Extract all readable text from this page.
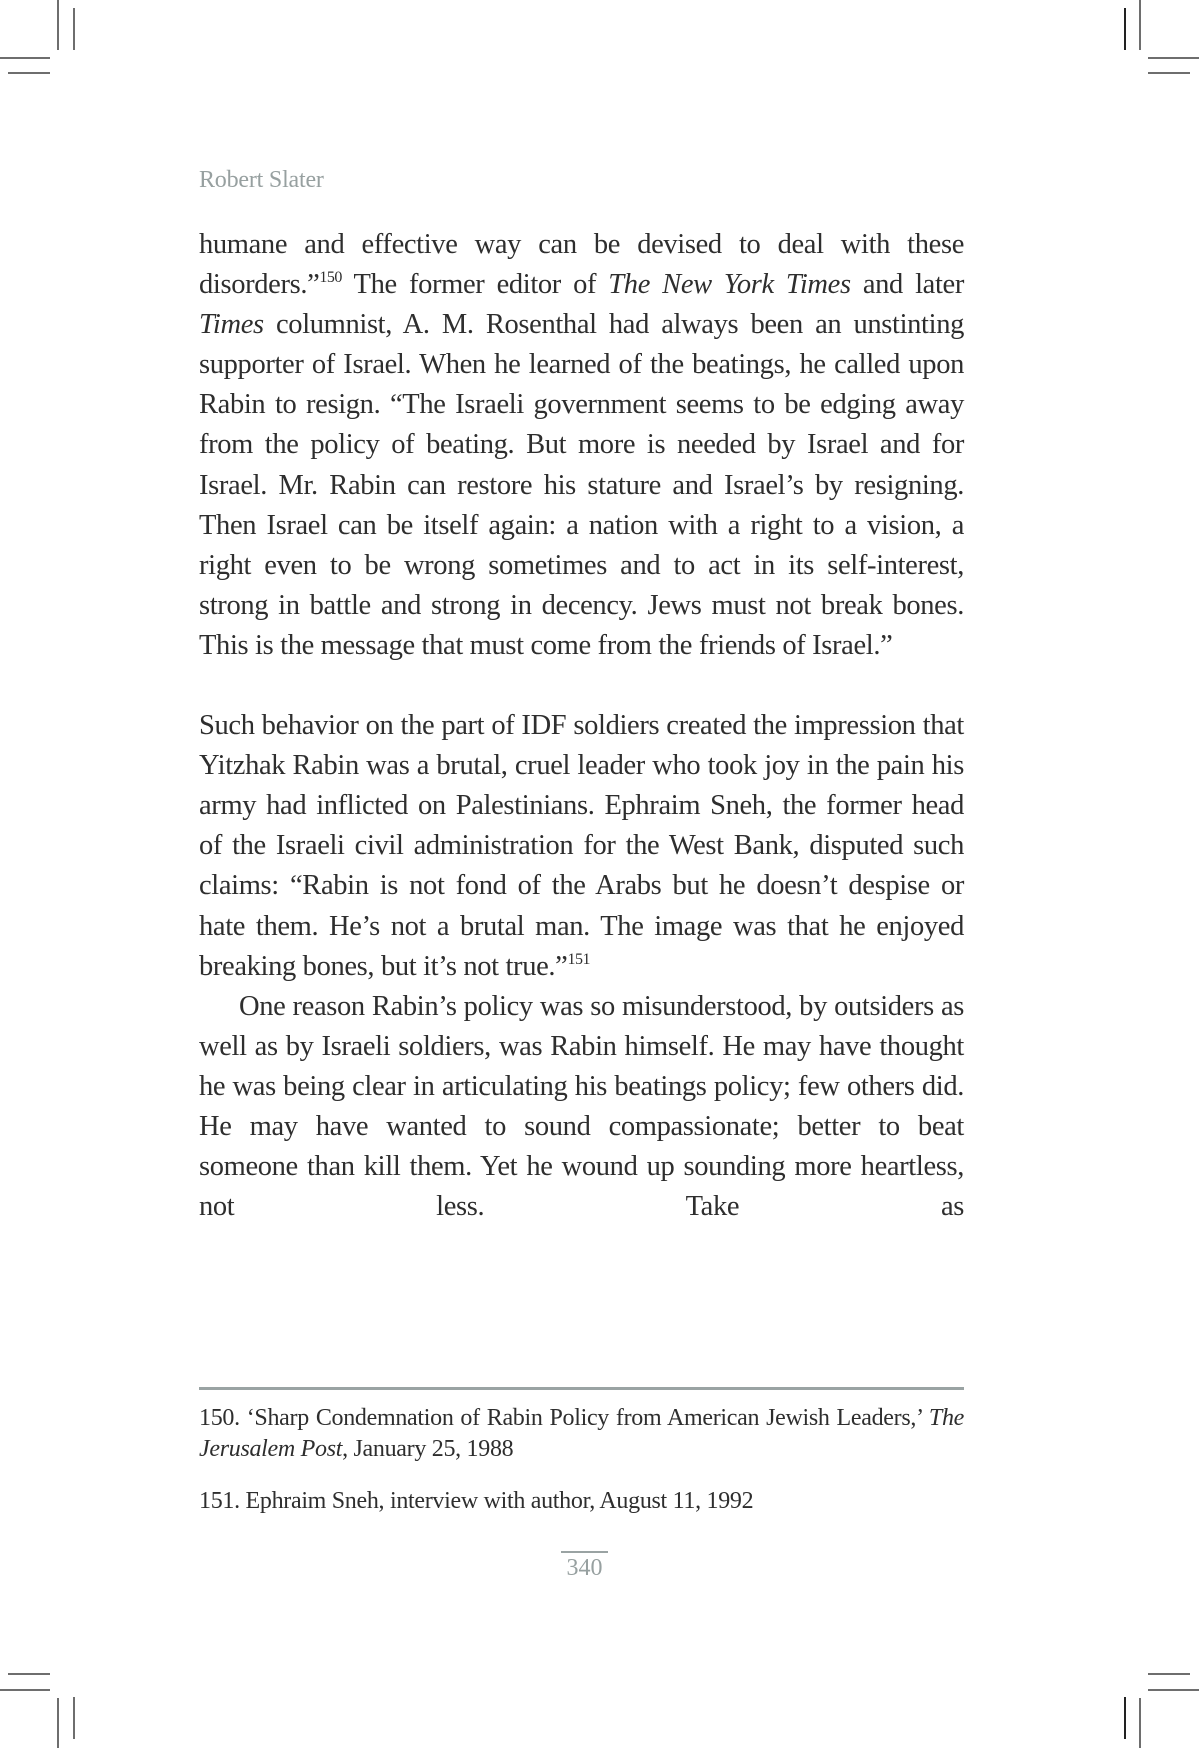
Robert Slater

humane and effective way can be devised to deal with these disorders.”$^{150}$ The former editor of The New York Times and later Times columnist, A. M. Rosenthal had always been an unstinting supporter of Israel. When he learned of the beatings, he called upon Rabin to resign. “The Israeli government seems to be edging away from the policy of beating. But more is needed by Israel and for Israel. Mr. Rabin can restore his stature and Israel’s by resigning. Then Israel can be itself again: a nation with a right to a vision, a right even to be wrong sometimes and to act in its self-interest, strong in battle and strong in decency. Jews must not break bones. This is the message that must come from the friends of Israel.”

Such behavior on the part of IDF soldiers created the impression that Yitzhak Rabin was a brutal, cruel leader who took joy in the pain his army had inflicted on Palestinians. Ephraim Sneh, the former head of the Israeli civil administration for the West Bank, disputed such claims: “Rabin is not fond of the Arabs but he doesn’t despise or hate them. He’s not a brutal man. The image was that he enjoyed breaking bones, but it’s not true.”$^{151}$

One reason Rabin’s policy was so misunderstood, by outsiders as well as by Israeli soldiers, was Rabin himself. He may have thought he was being clear in articulating his beatings policy; few others did. He may have wanted to sound compassionate; better to beat someone than kill them. Yet he wound up sounding more heartless, not less. Take as

150. ‘Sharp Condemnation of Rabin Policy from American Jewish Leaders,’ The Jerusalem Post, January 25, 1988

151. Ephraim Sneh, interview with author, August 11, 1992

340
